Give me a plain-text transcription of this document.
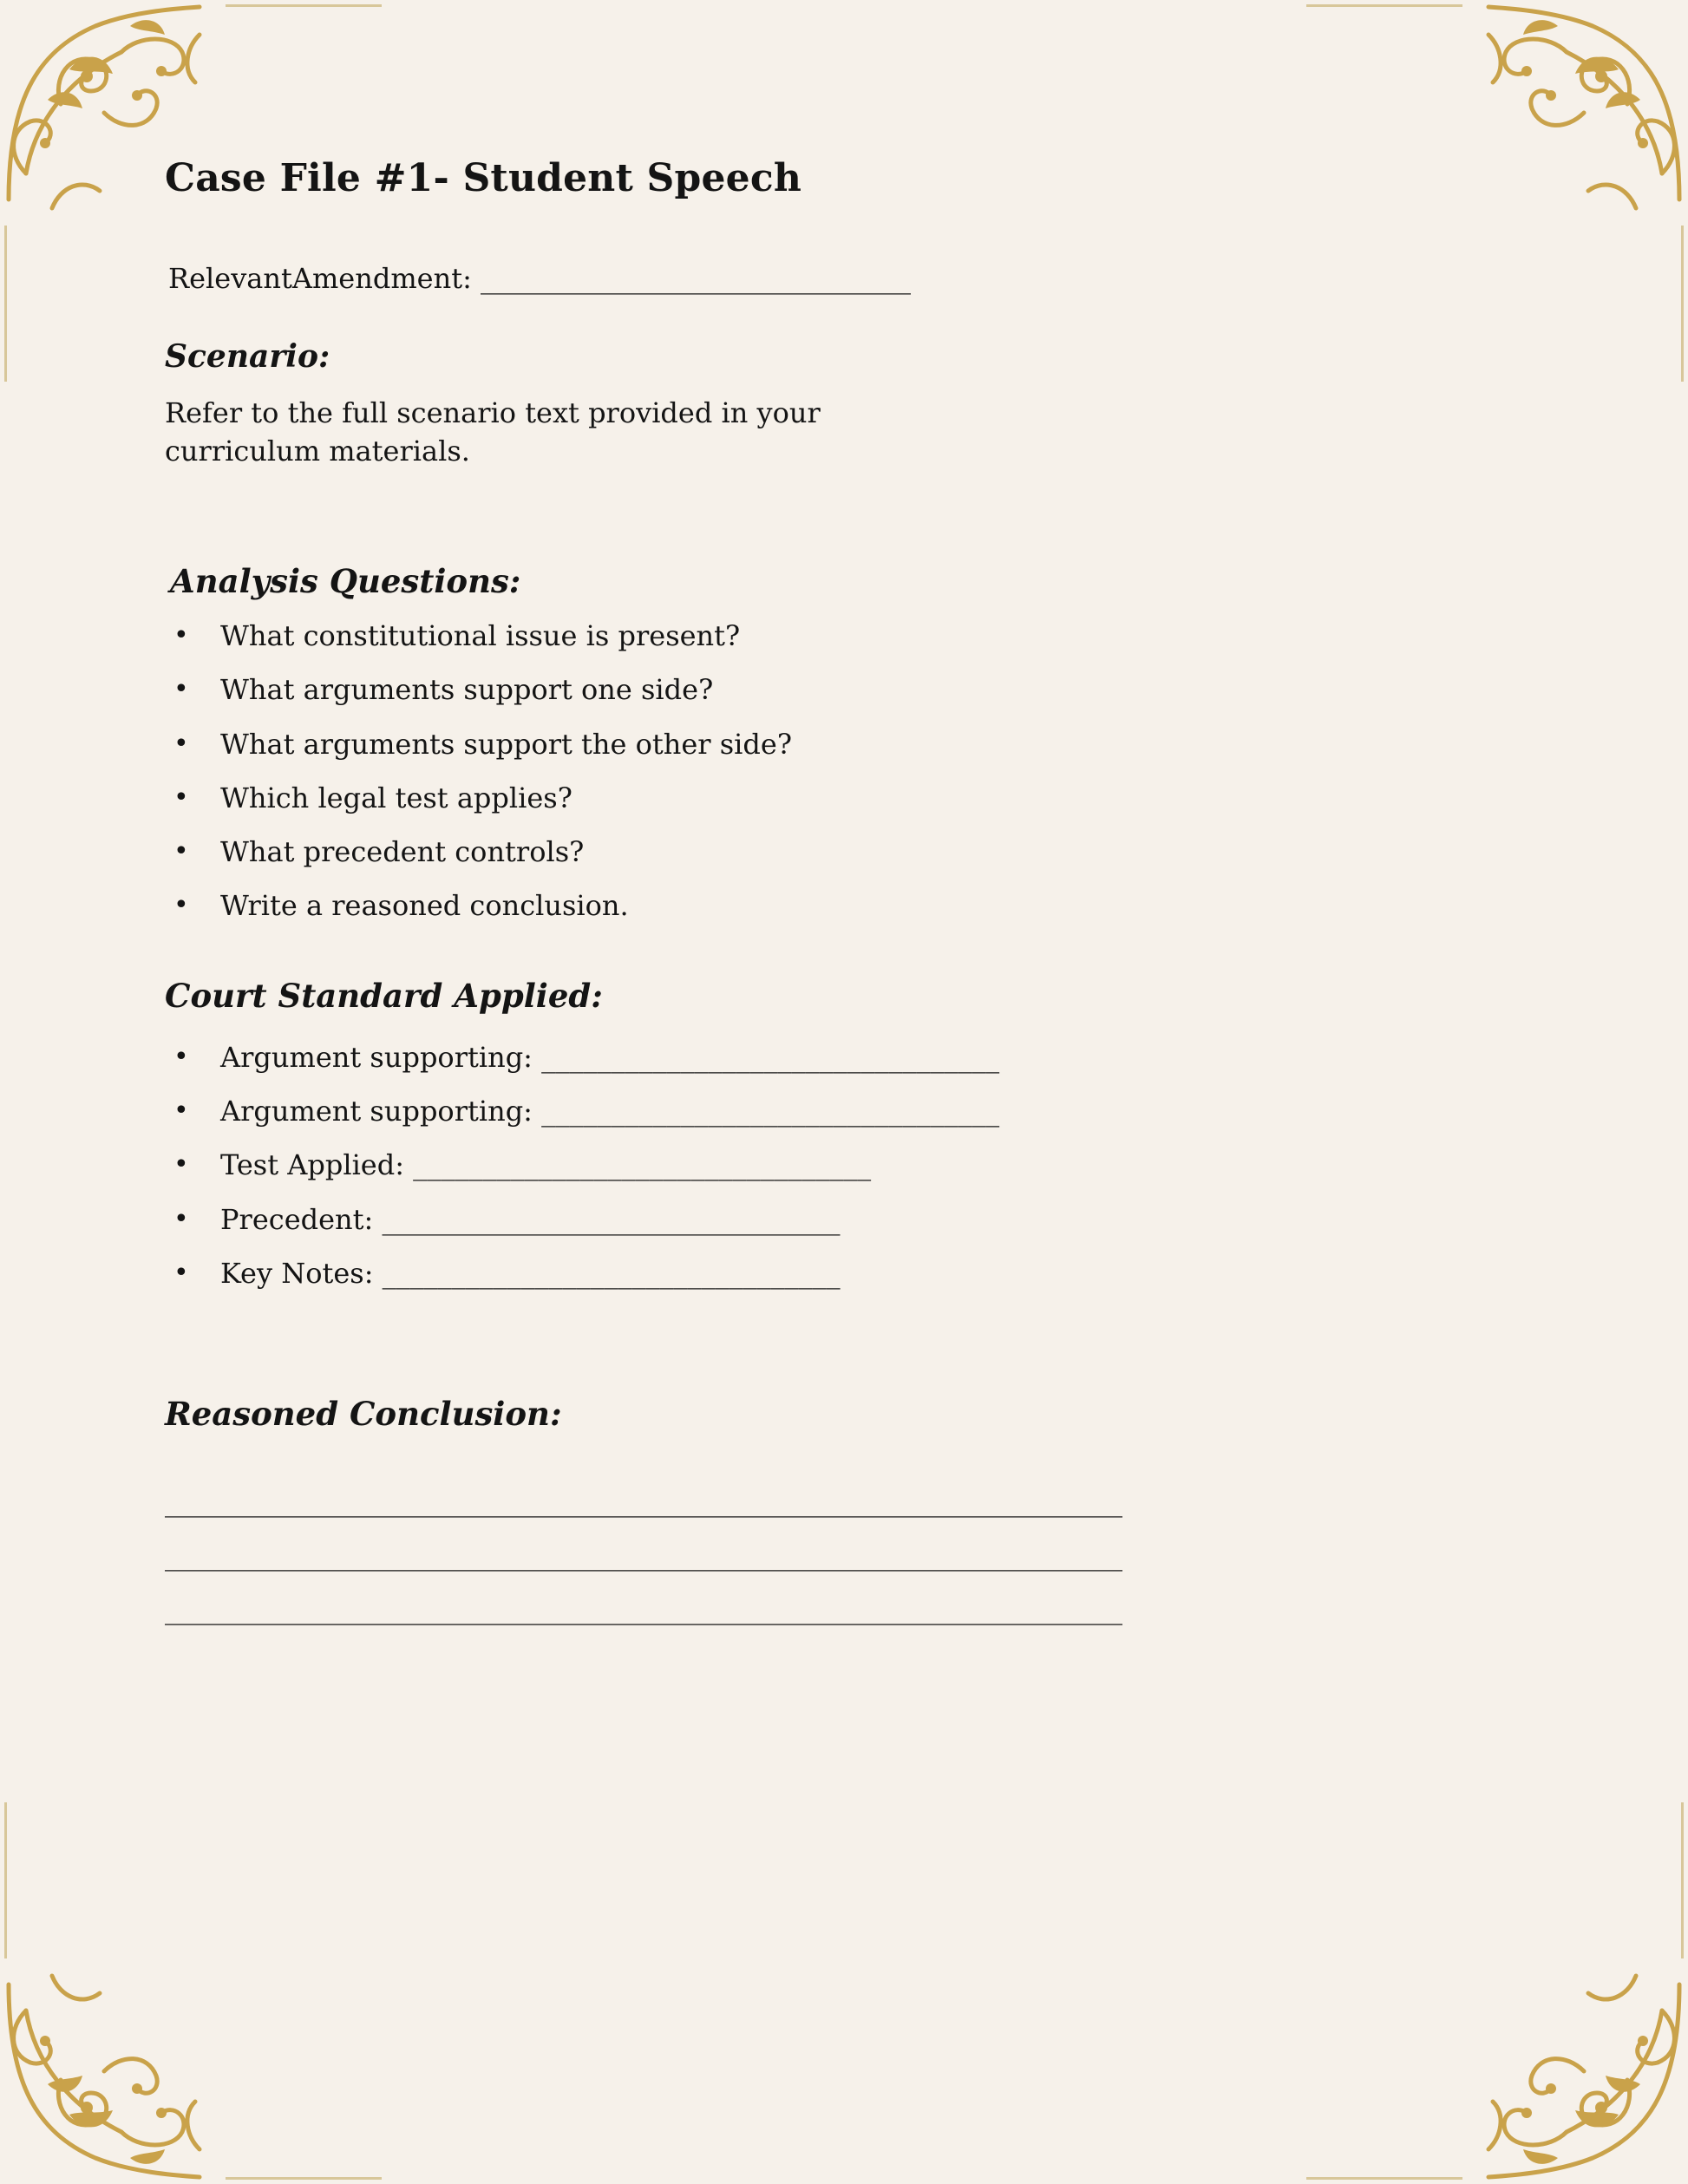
Case File #1- Student Speech
RelevantAmendment: _______________________________
Scenario:
Refer to the full scenario text provided in your curriculum materials.
Analysis Questions:
• What constitutional issue is present?
• What arguments support one side?
• What arguments support the other side?
• Which legal test applies?
• What precedent controls?
• Write a reasoned conclusion.
Court Standard Applied:
• Argument supporting: _________________________________
• Argument supporting: _________________________________
• Test Applied: _________________________________
• Precedent: _________________________________
• Key Notes: _________________________________
Reasoned Conclusion:
_____________________________________________________________________
_____________________________________________________________________
_____________________________________________________________________
